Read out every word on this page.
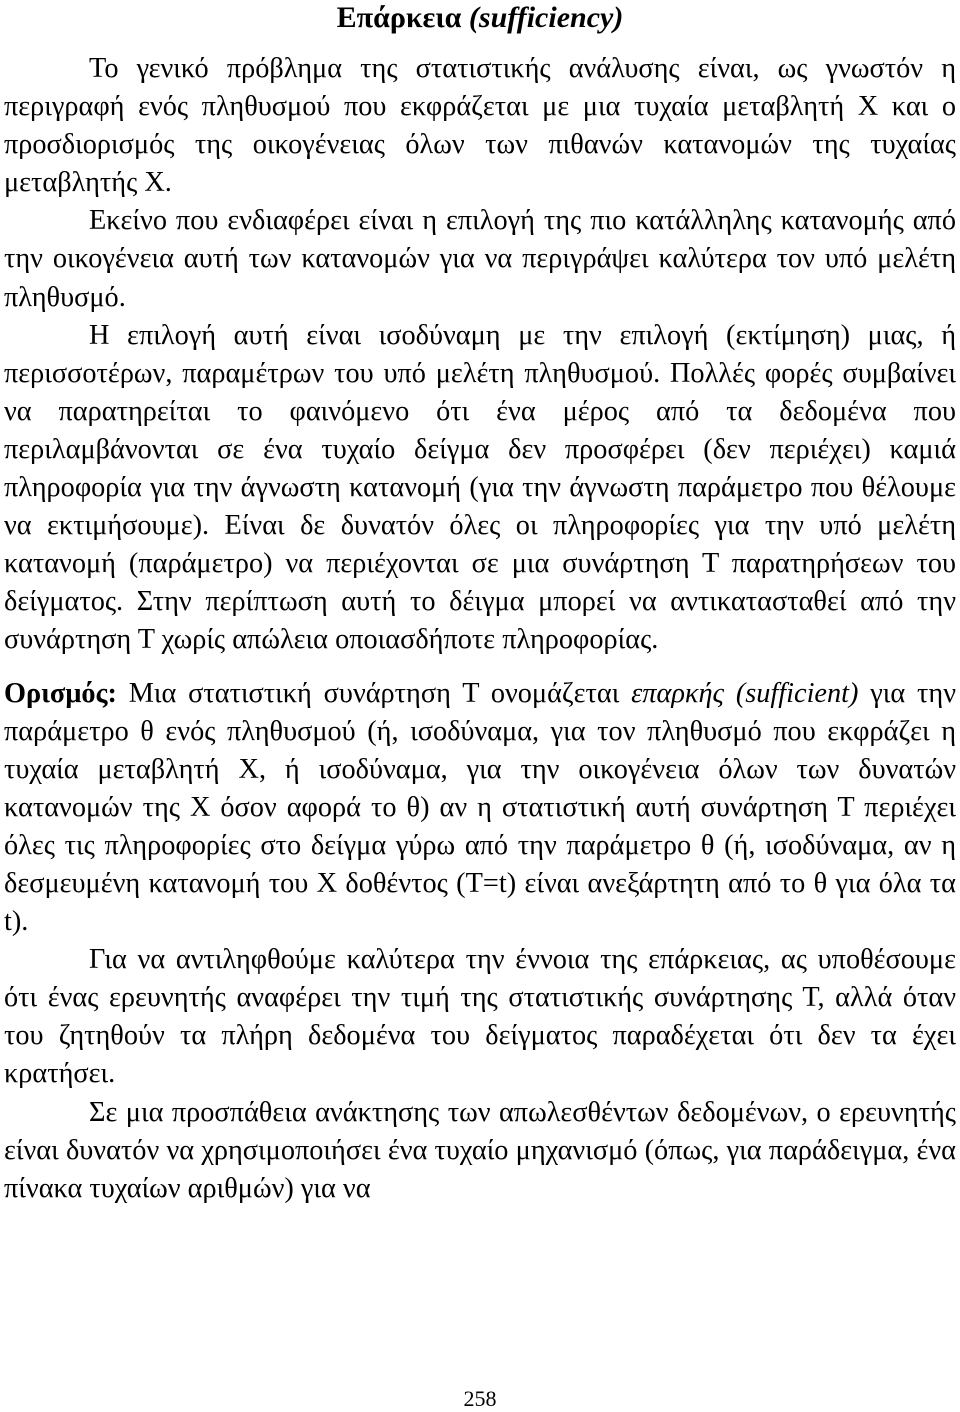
Επάρκεια (sufficiency)

Το γενικό πρόβλημα της στατιστικής ανάλυσης είναι, ως γνωστόν η περιγραφή ενός πληθυσμού που εκφράζεται με μια τυχαία μεταβλητή Χ και ο προσδιορισμός της οικογένειας όλων των πιθανών κατανομών της τυχαίας μεταβλητής Χ.

Εκείνο που ενδιαφέρει είναι η επιλογή της πιο κατάλληλης κατανομής από την οικογένεια αυτή των κατανομών για να περιγράψει καλύτερα τον υπό μελέτη πληθυσμό.

Η επιλογή αυτή είναι ισοδύναμη με την επιλογή (εκτίμηση) μιας, ή περισσοτέρων, παραμέτρων του υπό μελέτη πληθυσμού. Πολλές φορές συμβαίνει να παρατηρείται το φαινόμενο ότι ένα μέρος από τα δεδομένα που περιλαμβάνονται σε ένα τυχαίο δείγμα δεν προσφέρει (δεν περιέχει) καμιά πληροφορία για την άγνωστη κατανομή (για την άγνωστη παράμετρο που θέλουμε να εκτιμήσουμε). Είναι δε δυνατόν όλες οι πληροφορίες για την υπό μελέτη κατανομή (παράμετρο) να περιέχονται σε μια συνάρτηση Τ παρατηρήσεων του δείγματος. Στην περίπτωση αυτή το δέιγμα μπορεί να αντικατασταθεί από την συνάρτηση Τ χωρίς απώλεια οποιασδήποτε πληροφορίας.

Ορισμός: Μια στατιστική συνάρτηση Τ ονομάζεται επαρκής (sufficient) για την παράμετρο θ ενός πληθυσμού (ή, ισοδύναμα, για τον πληθυσμό που εκφράζει η τυχαία μεταβλητή Χ, ή ισοδύναμα, για την οικογένεια όλων των δυνατών κατανομών της Χ όσον αφορά το θ) αν η στατιστική αυτή συνάρτηση Τ περιέχει όλες τις πληροφορίες στο δείγμα γύρω από την παράμετρο θ (ή, ισοδύναμα, αν η δεσμευμένη κατανομή του Χ δοθέντος (Τ=t) είναι ανεξάρτητη από το θ για όλα τα t).

Για να αντιληφθούμε καλύτερα την έννοια της επάρκειας, ας υποθέσουμε ότι ένας ερευνητής αναφέρει την τιμή της στατιστικής συνάρτησης Τ, αλλά όταν του ζητηθούν τα πλήρη δεδομένα του δείγματος παραδέχεται ότι δεν τα έχει κρατήσει.

Σε μια προσπάθεια ανάκτησης των απωλεσθέντων δεδομένων, ο ερευνητής είναι δυνατόν να χρησιμοποιήσει ένα τυχαίο μηχανισμό (όπως, για παράδειγμα, ένα πίνακα τυχαίων αριθμών) για να

258
